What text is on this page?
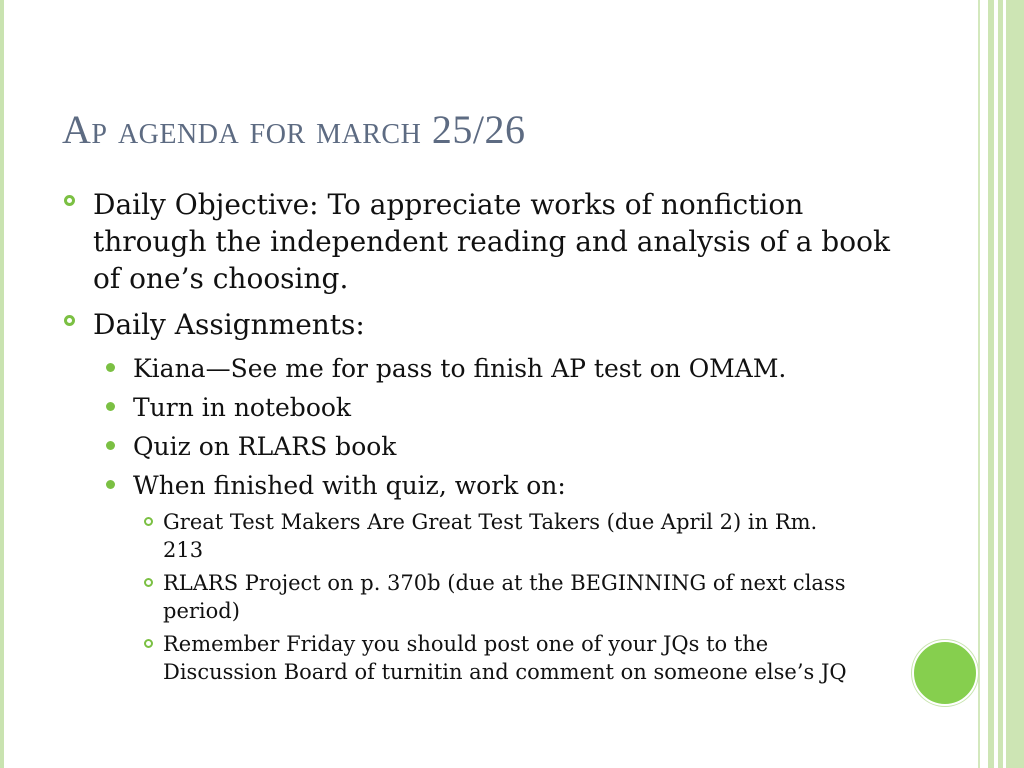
Ap agenda for march 25/26
Daily Objective: To appreciate works of nonfiction through the independent reading and analysis of a book of one’s choosing.
Daily Assignments:
Kiana—See me for pass to finish AP test on OMAM.
Turn in notebook
Quiz on RLARS book
When finished with quiz, work on:
Great Test Makers Are Great Test Takers (due April 2) in Rm. 213
RLARS Project on p. 370b (due at the BEGINNING of next class period)
Remember Friday you should post one of your JQs to the Discussion Board of turnitin and comment on someone else’s JQ
